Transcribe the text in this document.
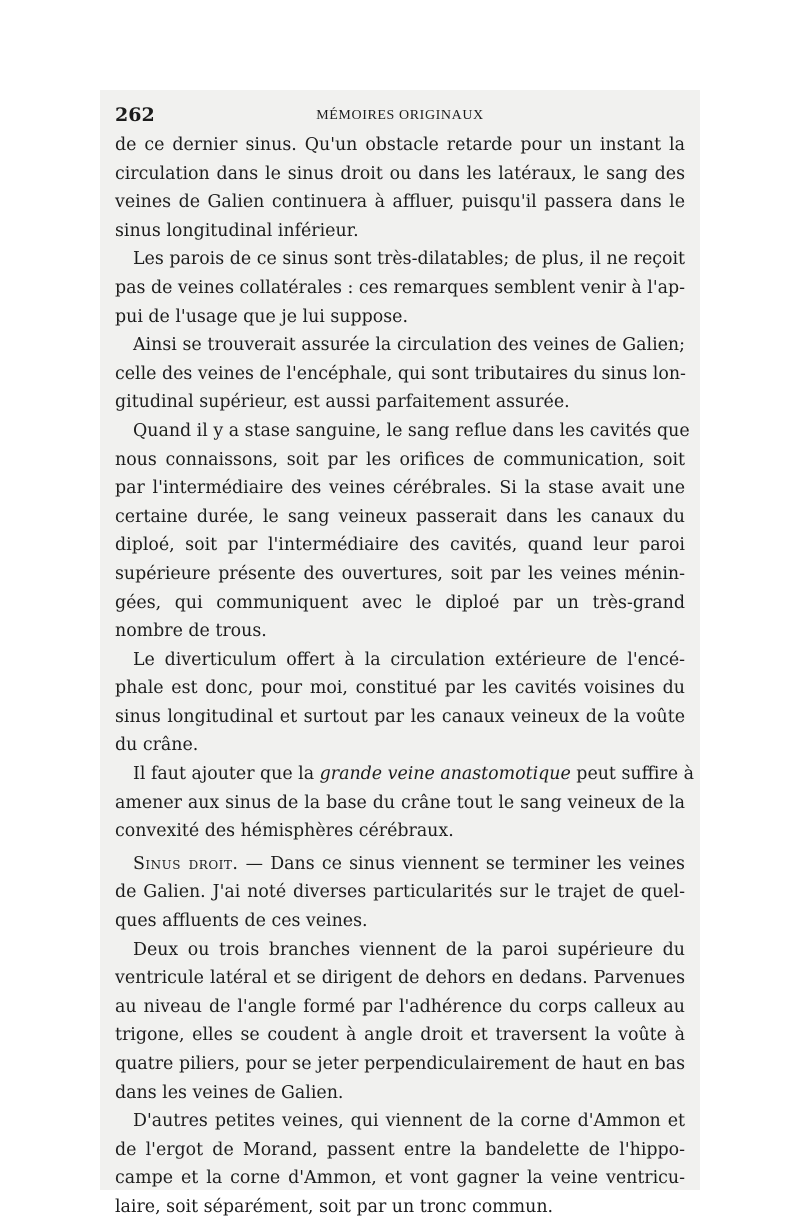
262	MÉMOIRES ORIGINAUX
de ce dernier sinus. Qu'un obstacle retarde pour un instant la
circulation dans le sinus droit ou dans les latéraux, le sang des
veines de Galien continuera à affluer, puisqu'il passera dans le
sinus longitudinal inférieur.
Les parois de ce sinus sont très-dilatables; de plus, il ne reçoit
pas de veines collatérales : ces remarques semblent venir à l'ap-
pui de l'usage que je lui suppose.
Ainsi se trouverait assurée la circulation des veines de Galien;
celle des veines de l'encéphale, qui sont tributaires du sinus lon-
gitudinal supérieur, est aussi parfaitement assurée.
Quand il y a stase sanguine, le sang reflue dans les cavités que
nous connaissons, soit par les orifices de communication, soit
par l'intermédiaire des veines cérébrales. Si la stase avait une
certaine durée, le sang veineux passerait dans les canaux du
diploé, soit par l'intermédiaire des cavités, quand leur paroi
supérieure présente des ouvertures, soit par les veines ménin-
gées, qui communiquent avec le diploé par un très-grand
nombre de trous.
Le diverticulum offert à la circulation extérieure de l'encé-
phale est donc, pour moi, constitué par les cavités voisines du
sinus longitudinal et surtout par les canaux veineux de la voûte
du crâne.
Il faut ajouter que la grande veine anastomotique peut suffire à
amener aux sinus de la base du crâne tout le sang veineux de la
convexité des hémisphères cérébraux.
Sinus droit. — Dans ce sinus viennent se terminer les veines
de Galien. J'ai noté diverses particularités sur le trajet de quel-
ques affluents de ces veines.
Deux ou trois branches viennent de la paroi supérieure du
ventricule latéral et se dirigent de dehors en dedans. Parvenues
au niveau de l'angle formé par l'adhérence du corps calleux au
trigone, elles se coudent à angle droit et traversent la voûte à
quatre piliers, pour se jeter perpendiculairement de haut en bas
dans les veines de Galien.
D'autres petites veines, qui viennent de la corne d'Ammon et
de l'ergot de Morand, passent entre la bandelette de l'hippo-
campe et la corne d'Ammon, et vont gagner la veine ventricu-
laire, soit séparément, soit par un tronc commun.
